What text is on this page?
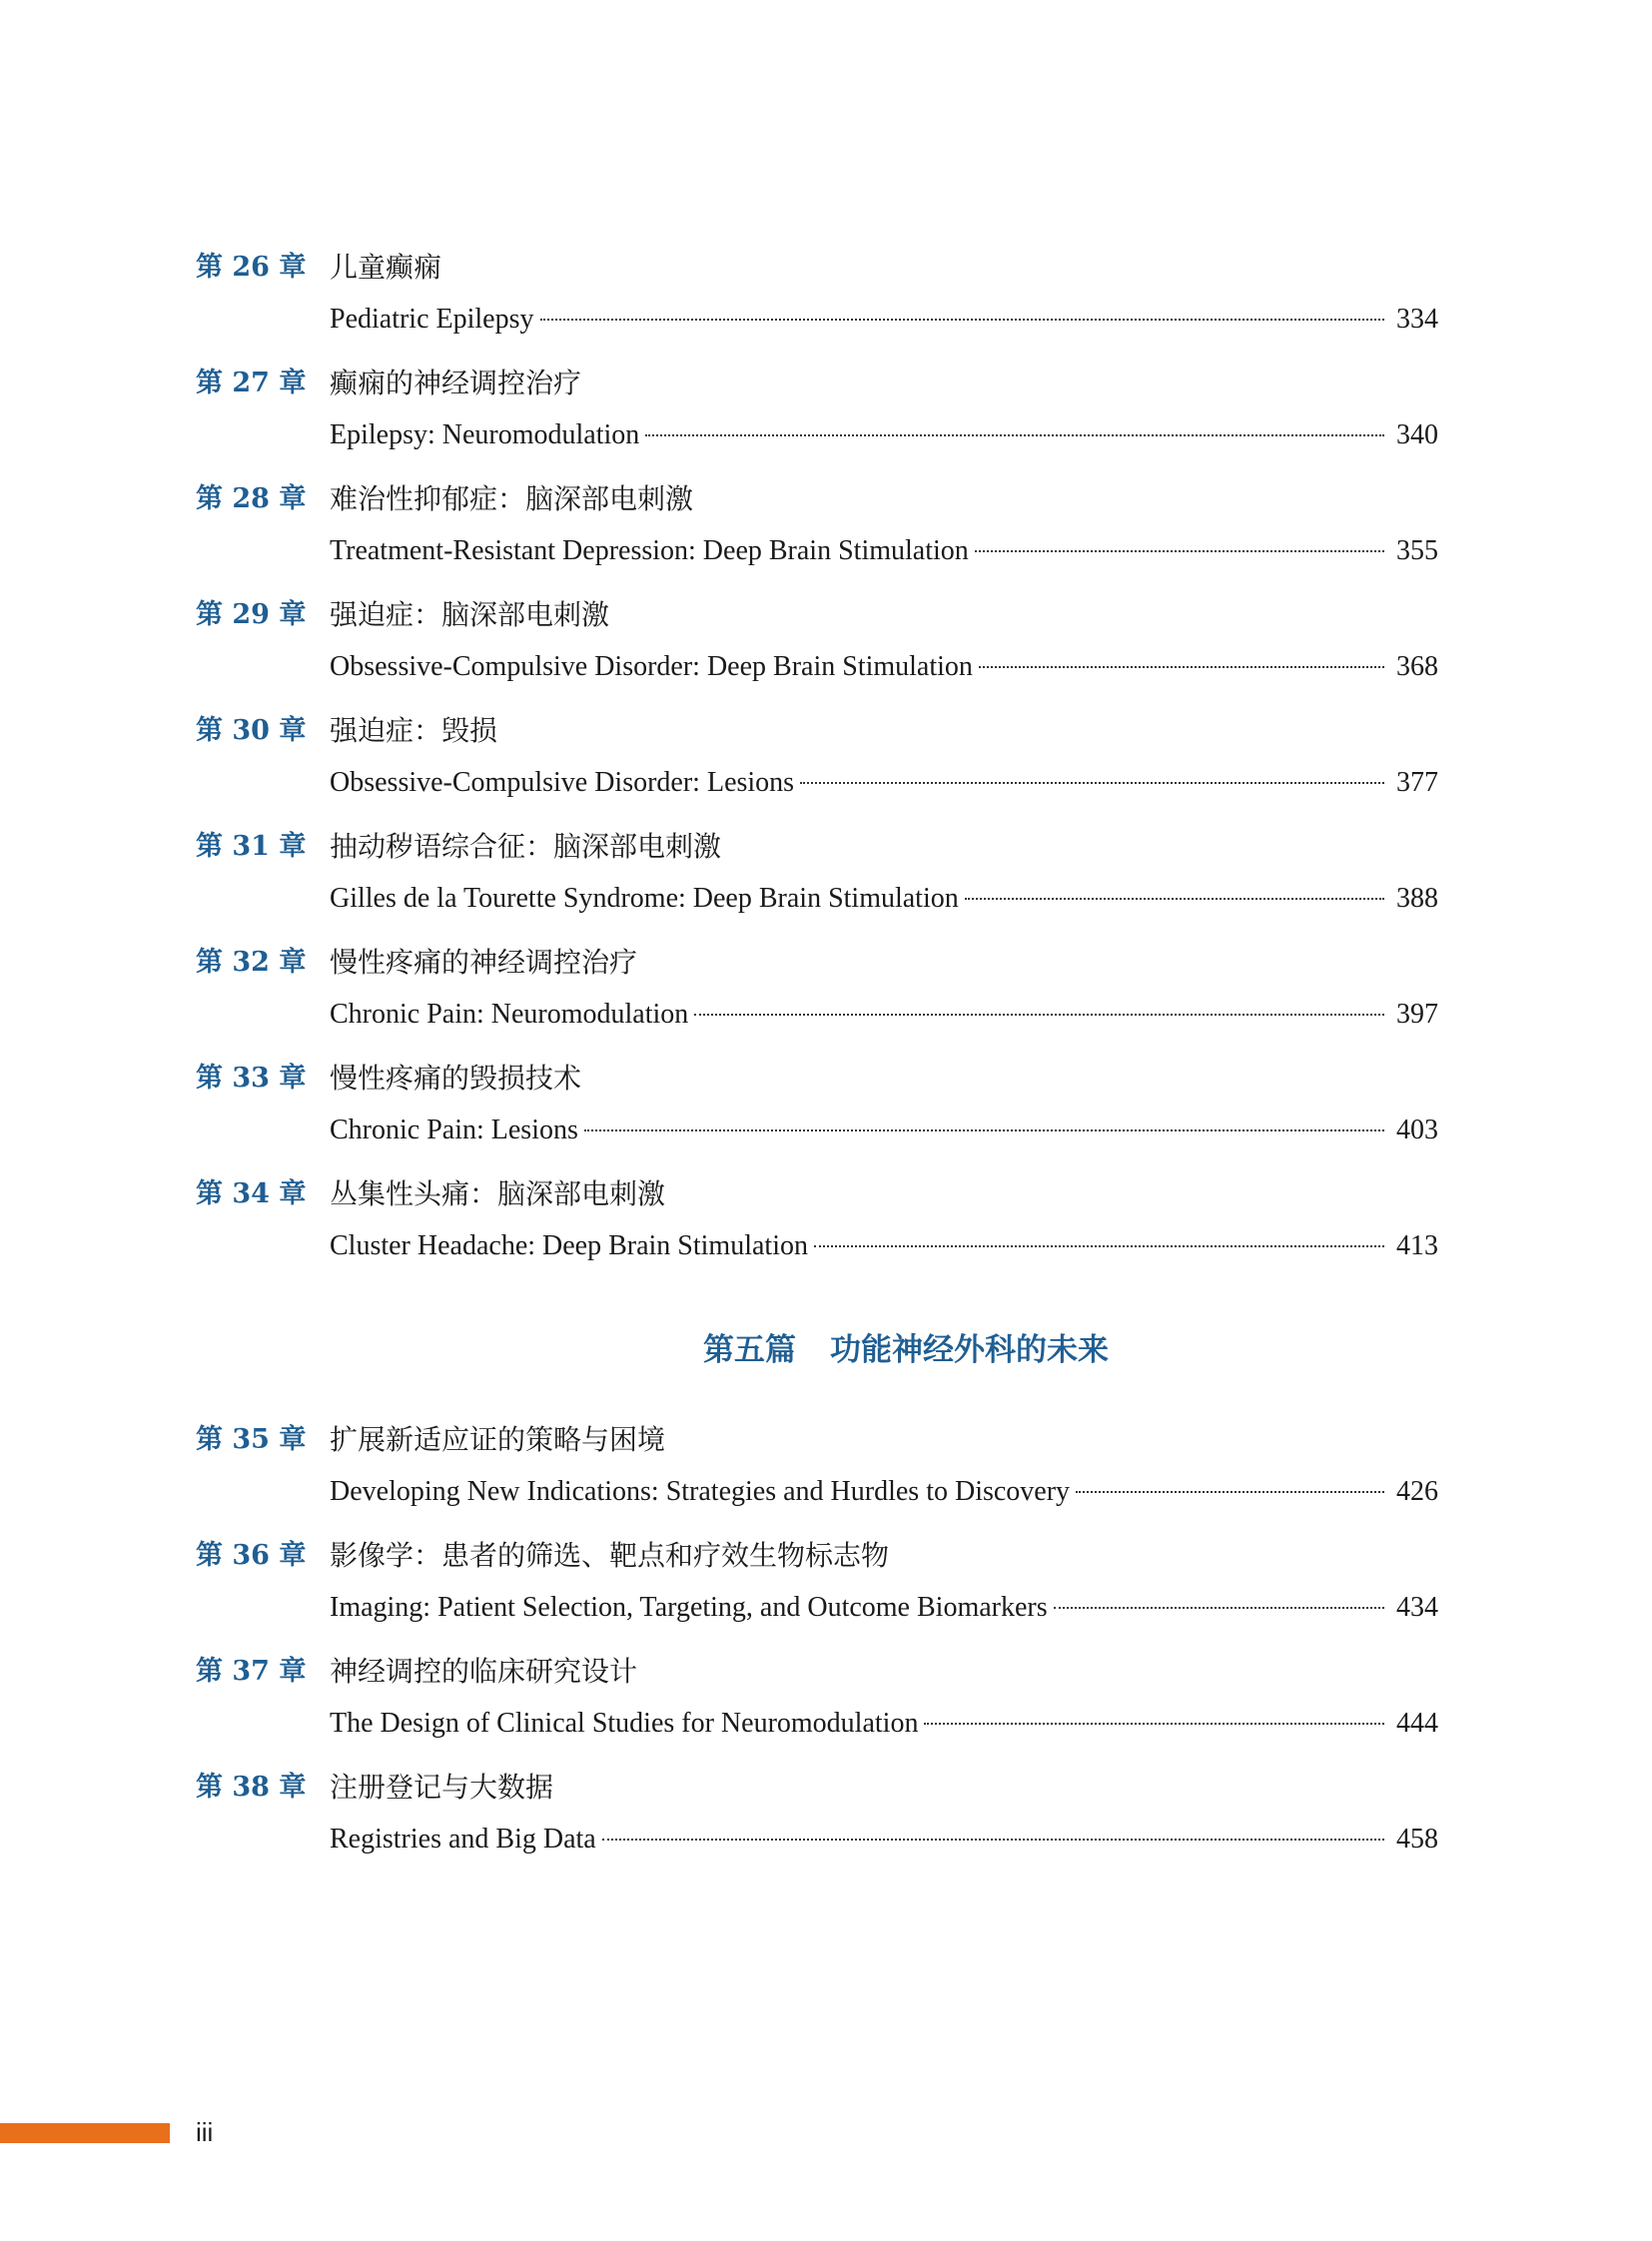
第 26 章 儿童癫痫
Pediatric Epilepsy	334
第 27 章 癫痫的神经调控治疗
Epilepsy: Neuromodulation	340
第 28 章 难治性抑郁症：脑深部电刺激
Treatment-Resistant Depression: Deep Brain Stimulation	355
第 29 章 强迫症：脑深部电刺激
Obsessive-Compulsive Disorder: Deep Brain Stimulation	368
第 30 章 强迫症：毁损
Obsessive-Compulsive Disorder: Lesions	377
第 31 章 抽动秽语综合征：脑深部电刺激
Gilles de la Tourette Syndrome: Deep Brain Stimulation	388
第 32 章 慢性疼痛的神经调控治疗
Chronic Pain: Neuromodulation	397
第 33 章 慢性疼痛的毁损技术
Chronic Pain: Lesions	403
第 34 章 丛集性头痛：脑深部电刺激
Cluster Headache: Deep Brain Stimulation	413
第五篇 功能神经外科的未来
第 35 章 扩展新适应证的策略与困境
Developing New Indications: Strategies and Hurdles to Discovery	426
第 36 章 影像学：患者的筛选、靶点和疗效生物标志物
Imaging: Patient Selection, Targeting, and Outcome Biomarkers	434
第 37 章 神经调控的临床研究设计
The Design of Clinical Studies for Neuromodulation	444
第 38 章 注册登记与大数据
Registries and Big Data	458
iii
